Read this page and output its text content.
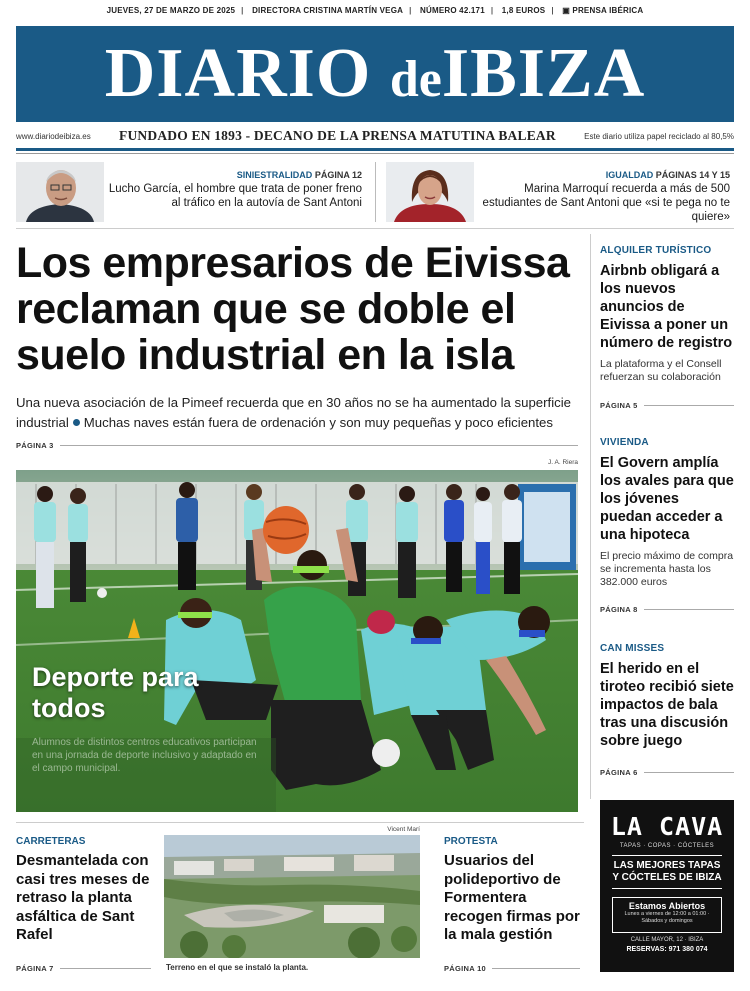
JUEVES, 27 DE MARZO DE 2025 | DIRECTORA CRISTINA MARTÍN VEGA | NÚMERO 42.171 | 1,8 EUROS | ▣ PRENSA IBÉRICA
DIARIO deIBIZA
www.diariodeibiza.es FUNDADO EN 1893 - DECANO DE LA PRENSA MATUTINA BALEAR	Este diario utiliza papel reciclado al 80,5%
SINIESTRALIDAD PÁGINA 12
Lucho García, el hombre que trata de poner freno al tráfico en la autovía de Sant Antoni
IGUALDAD PÁGINAS 14 Y 15
Marina Marroquí recuerda a más de 500 estudiantes de Sant Antoni que «si te pega no te quiere»
Los empresarios de Eivissa reclaman que se doble el suelo industrial en la isla
Una nueva asociación de la Pimeef recuerda que en 30 años no se ha aumentado la superficie industrial Muchas naves están fuera de ordenación y son muy pequeñas y poco eficientes
PÁGINA 3
J. A. Riera
Deporte para todos
Alumnos de distintos centros educativos participan en una jornada de deporte inclusivo y adaptado en el campo municipal.
ALQUILER TURÍSTICO
Airbnb obligará a los nuevos anuncios de Eivissa a poner un número de registro
La plataforma y el Consell refuerzan su colaboración
PÁGINA 5
VIVIENDA
El Govern amplía los avales para que los jóvenes puedan acceder a una hipoteca
El precio máximo de compra se incrementa hasta los 382.000 euros
PÁGINA 8
CAN MISSES
El herido en el tiroteo recibió siete impactos de bala tras una discusión sobre juego
PÁGINA 6
CARRETERAS
Desmantelada con casi tres meses de retraso la planta asfáltica de Sant Rafel
PÁGINA 7
Vicent Marí
Terreno en el que se instaló la planta.
PROTESTA
Usuarios del polideportivo de Formentera recogen firmas por la mala gestión
PÁGINA 10
LA CAVA
TAPAS · COPAS · CÓCTELES
LAS MEJORES TAPAS Y CÓCTELES DE IBIZA
Estamos Abiertos
Lunes a viernes de 12:00 a 01:00 · Sábados y domingos
CALLE MAYOR, 12 · IBIZA
RESERVAS: 971 380 074
